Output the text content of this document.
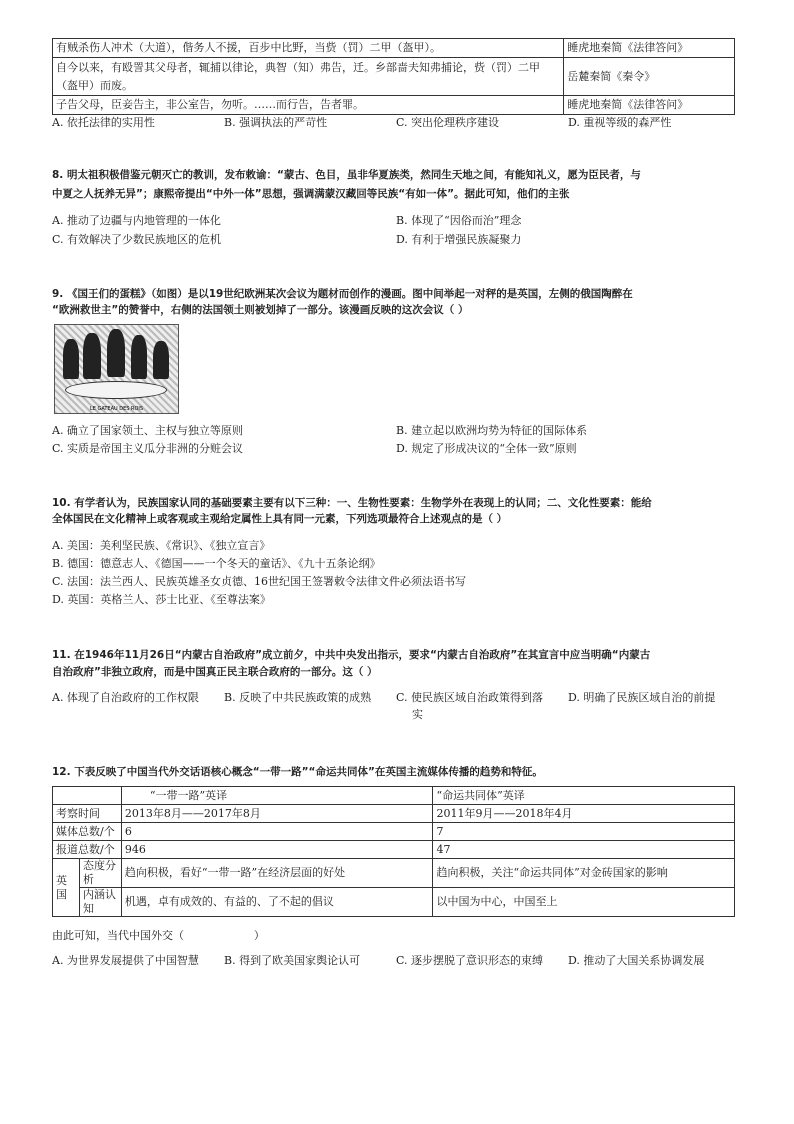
有贼杀伤人冲术（大道），偕务人不援，百步中比野，当赀（罚）二甲（盔甲）。	睡虎地秦简《法律答问》
自今以来，有殴詈其父母者，辄捕以律论，典智（知）弗告，迁。乡部啬夫知弗捕论，赀（罚）二甲（盔甲）而废。	岳麓秦简《秦令》
子告父母，臣妾告主，非公室告，勿听。……而行告，告者罪。	睡虎地秦简《法律答问》
A. 依托法律的实用性	B. 强调执法的严苛性	C. 突出伦理秩序建设	D. 重视等级的森严性
8. 明太祖积极借鉴元朝灭亡的教训，发布敕谕：“蒙古、色目，虽非华夏族类，然同生天地之间，有能知礼义，愿为臣民者，与
中夏之人抚养无异”；康熙帝提出“中外一体”思想，强调满蒙汉藏回等民族“有如一体”。据此可知，他们的主张
A. 推动了边疆与内地管理的一体化	B. 体现了“因俗而治”理念
C. 有效解决了少数民族地区的危机	D. 有利于增强民族凝聚力
9. 《国王们的蛋糕》（如图）是以19世纪欧洲某次会议为题材而创作的漫画。图中间举起一对秤的是英国，左侧的俄国陶醉在
“欧洲救世主”的赞誉中，右侧的法国领土则被划掉了一部分。该漫画反映的这次会议（ ）
LE GATEAU DES ROIS
A. 确立了国家领土、主权与独立等原则	B. 建立起以欧洲均势为特征的国际体系
C. 实质是帝国主义瓜分非洲的分赃会议	D. 规定了形成决议的“全体一致”原则
10. 有学者认为，民族国家认同的基础要素主要有以下三种：一、生物性要素：生物学外在表现上的认同；二、文化性要素：能给
全体国民在文化精神上或客观或主观给定属性上具有同一元素，下列选项最符合上述观点的是（ ）
A. 美国：美利坚民族、《常识》、《独立宣言》
B. 德国：德意志人、《德国——一个冬天的童话》、《九十五条论纲》
C. 法国：法兰西人、民族英雄圣女贞德、16世纪国王签署敕令法律文件必须法语书写
D. 英国：英格兰人、莎士比亚、《至尊法案》
11. 在1946年11月26日“内蒙古自治政府”成立前夕，中共中央发出指示，要求“内蒙古自治政府”在其宣言中应当明确“内蒙古
自治政府”非独立政府，而是中国真正民主联合政府的一部分。这（ ）
A. 体现了自治政府的工作权限 B. 反映了中共民族政策的成熟 C. 使民族区域自治政策得到落 D. 明确了民族区域自治的前提
实
12. 下表反映了中国当代外交话语核心概念“一带一路”“命运共同体”在英国主流媒体传播的趋势和特征。
		“一带一路”英译	“命运共同体”英译
考察时间		2013年8月——2017年8月	2011年9月——2018年4月
媒体总数/个		6	7
报道总数/个		946	47
英国	态度分析	趋向积极，看好“一带一路”在经济层面的好处	趋向积极，关注“命运共同体”对金砖国家的影响
	内涵认知	机遇，卓有成效的、有益的、了不起的倡议	以中国为中心，中国至上
由此可知，当代中国外交（                    ）
A. 为世界发展提供了中国智慧 B. 得到了欧美国家舆论认可	C. 逐步摆脱了意识形态的束缚 D. 推动了大国关系协调发展
